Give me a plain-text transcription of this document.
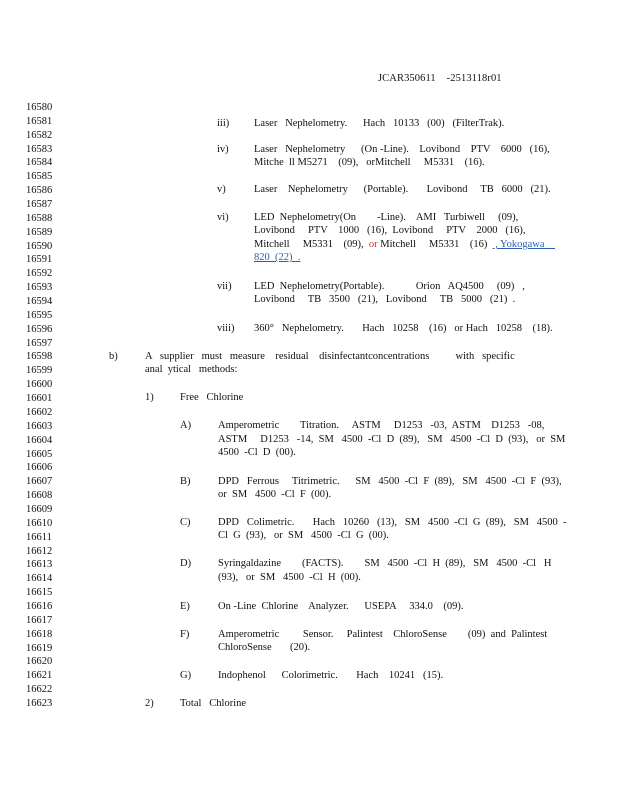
JCAR350611    -2513118r01
16580
16581
16582
16583
16584
16585
16586
16587
16588
16589
16590
16591
16592
16593
16594
16595
16596
16597
16598
16599
16600
16601
16602
16603
16604
16605
16606
16607
16608
16609
16610
16611
16612
16613
16614
16615
16616
16617
16618
16619
16620
16621
16622
16623
iii) Laser   Nephelometry.      Hach   10133   (00)   (FilterTrak).
iv) Laser   Nephelometry      (On -Line).    Lovibond    PTV    6000   (16),
Mitche  ll M5271    (09),   orMitchell     M5331    (16).
v)	Laser    Nephelometry      (Portable).       Lovibond     TB   6000   (21).
vi) LED  Nephelometry(On        -Line).    AMI   Turbiwell     (09),
Lovibond     PTV    1000   (16),  Lovibond     PTV    2000   (16),
Mitchell     M5331    (09),  or Mitchell     M5331    (16)   , Yokogawa
820  (22)  .
vii) LED  Nephelometry(Portable).            Orion   AQ4500     (09)   ,
Lovibond     TB   3500   (21),   Lovibond     TB   5000   (21)  .
viii) 360°   Nephelometry.       Hach   10258    (16)   or Hach   10258    (18).
b)	A   supplier   must   measure    residual    disinfectantconcentrations          with   specific
anal  ytical   methods:
1)	Free   Chlorine
A)	Amperometric        Titration.     ASTM     D1253   -03,  ASTM    D1253   -08,
ASTM     D1253   -14,  SM   4500  -Cl  D  (89),   SM   4500  -Cl  D  (93),   or  SM
4500  -Cl  D  (00).
B)	DPD   Ferrous     Titrimetric.      SM   4500  -Cl  F  (89),   SM   4500  -Cl  F  (93),
or  SM   4500  -Cl  F  (00).
C)	DPD   Colimetric.       Hach   10260   (13),   SM   4500  -Cl  G  (89),   SM   4500  -
Cl  G  (93),   or  SM   4500  -Cl  G  (00).
D)	Syringaldazine        (FACTS).        SM   4500  -Cl  H  (89),   SM   4500  -Cl   H
(93),   or  SM   4500  -Cl  H  (00).
E)	On -Line  Chlorine    Analyzer.      USEPA     334.0    (09).
F)	Amperometric         Sensor.     Palintest    ChloroSense        (09)  and  Palintest
ChloroSense       (20).
G)	Indophenol      Colorimetric.       Hach    10241   (15).
2)	Total   Chlorine
